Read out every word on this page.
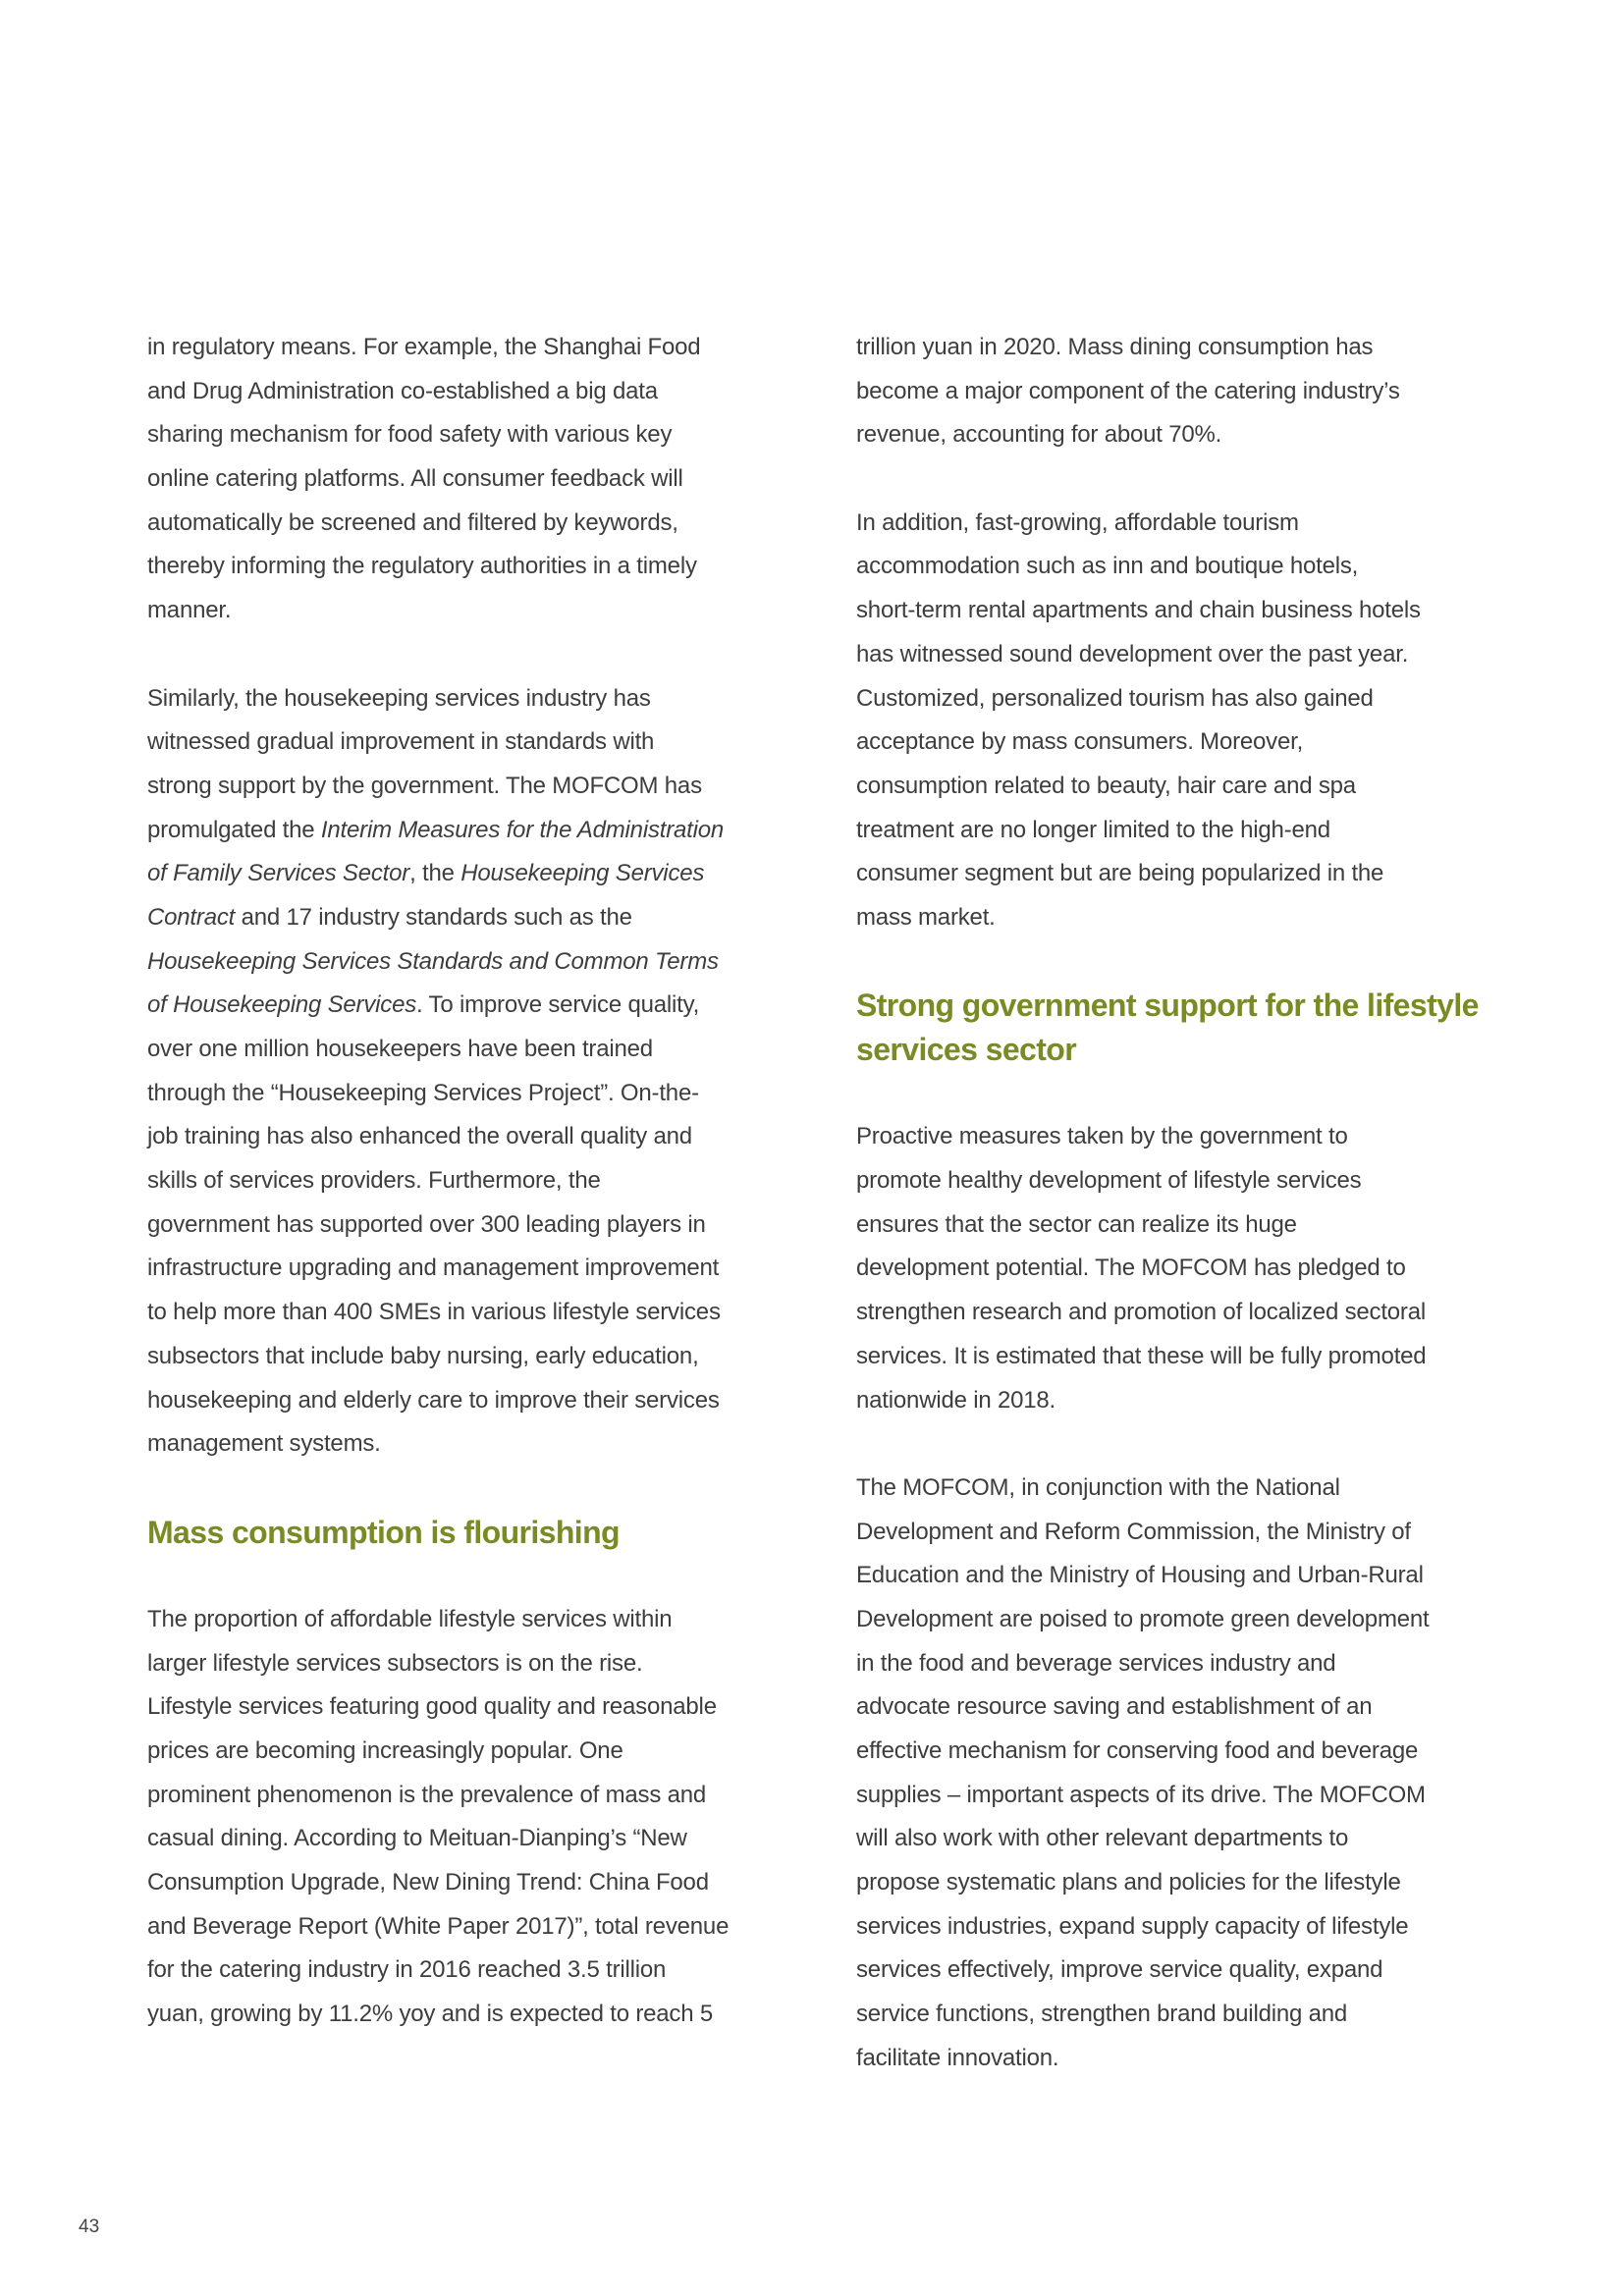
in regulatory means. For example, the Shanghai Food
and Drug Administration co-established a big data
sharing mechanism for food safety with various key
online catering platforms. All consumer feedback will
automatically be screened and filtered by keywords,
thereby informing the regulatory authorities in a timely
manner.
Similarly, the housekeeping services industry has
witnessed gradual improvement in standards with
strong support by the government. The MOFCOM has
promulgated the Interim Measures for the Administration
of Family Services Sector, the Housekeeping Services
Contract and 17 industry standards such as the
Housekeeping Services Standards and Common Terms
of Housekeeping Services. To improve service quality,
over one million housekeepers have been trained
through the “Housekeeping Services Project”. On-the-
job training has also enhanced the overall quality and
skills of services providers. Furthermore, the
government has supported over 300 leading players in
infrastructure upgrading and management improvement
to help more than 400 SMEs in various lifestyle services
subsectors that include baby nursing, early education,
housekeeping and elderly care to improve their services
management systems.
Mass consumption is flourishing
The proportion of affordable lifestyle services within
larger lifestyle services subsectors is on the rise.
Lifestyle services featuring good quality and reasonable
prices are becoming increasingly popular. One
prominent phenomenon is the prevalence of mass and
casual dining. According to Meituan-Dianping’s “New
Consumption Upgrade, New Dining Trend: China Food
and Beverage Report (White Paper 2017)”, total revenue
for the catering industry in 2016 reached 3.5 trillion
yuan, growing by 11.2% yoy and is expected to reach 5
trillion yuan in 2020. Mass dining consumption has
become a major component of the catering industry’s
revenue, accounting for about 70%.
In addition, fast-growing, affordable tourism
accommodation such as inn and boutique hotels,
short-term rental apartments and chain business hotels
has witnessed sound development over the past year.
Customized, personalized tourism has also gained
acceptance by mass consumers. Moreover,
consumption related to beauty, hair care and spa
treatment are no longer limited to the high-end
consumer segment but are being popularized in the
mass market.
Strong government support for the lifestyle
services sector
Proactive measures taken by the government to
promote healthy development of lifestyle services
ensures that the sector can realize its huge
development potential. The MOFCOM has pledged to
strengthen research and promotion of localized sectoral
services. It is estimated that these will be fully promoted
nationwide in 2018.
The MOFCOM, in conjunction with the National
Development and Reform Commission, the Ministry of
Education and the Ministry of Housing and Urban-Rural
Development are poised to promote green development
in the food and beverage services industry and
advocate resource saving and establishment of an
effective mechanism for conserving food and beverage
supplies – important aspects of its drive. The MOFCOM
will also work with other relevant departments to
propose systematic plans and policies for the lifestyle
services industries, expand supply capacity of lifestyle
services effectively, improve service quality, expand
service functions, strengthen brand building and
facilitate innovation.
43
